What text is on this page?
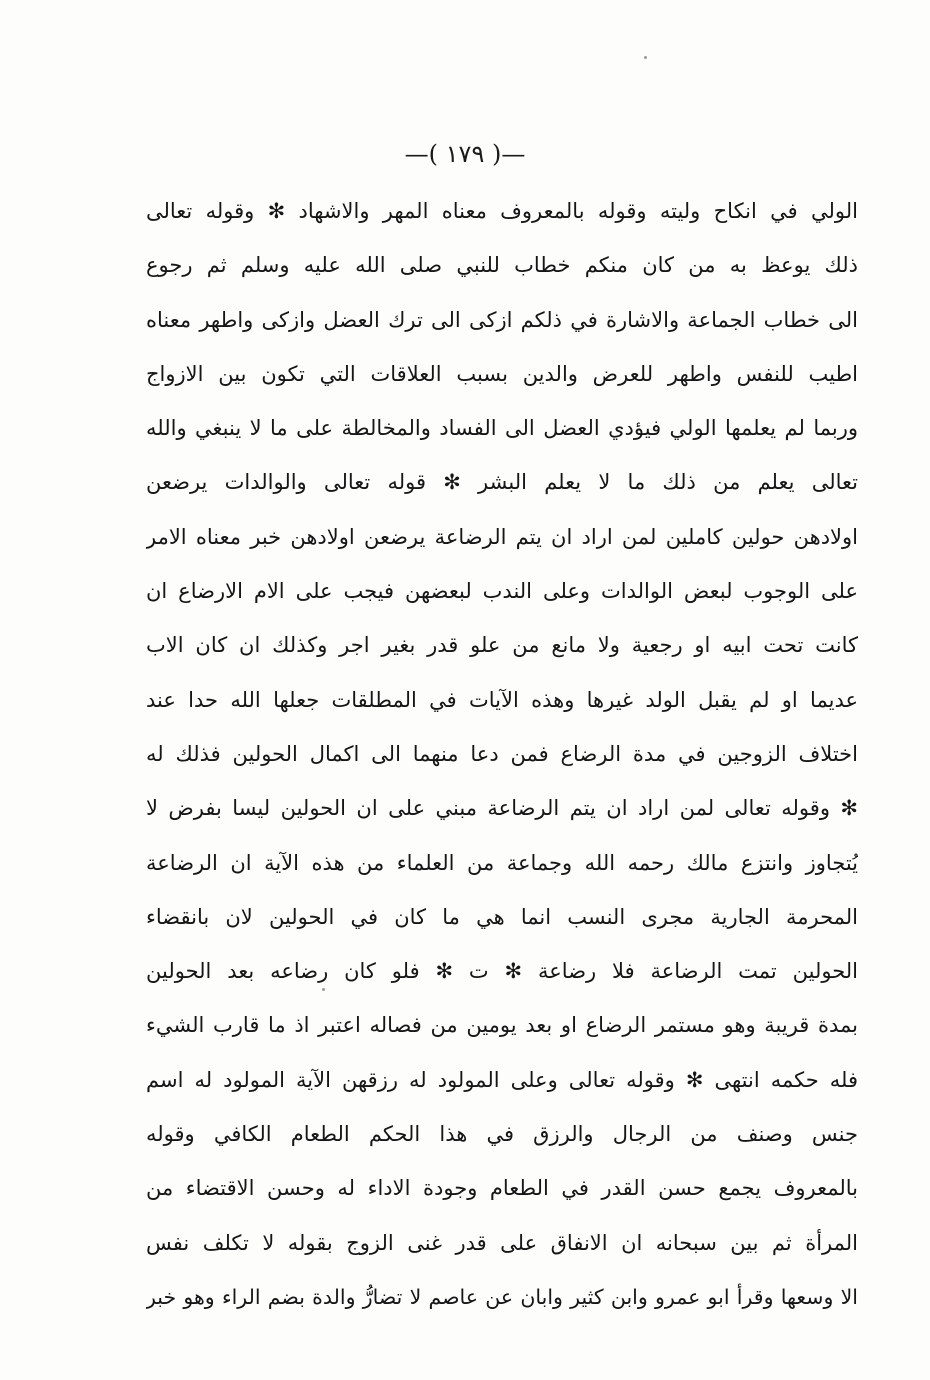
—( ١٧٩ )—
الولي في انكاح وليته وقوله بالمعروف معناه المهر والاشهاد ✻ وقوله تعالى
ذلك يوعظ به من كان منكم خطاب للنبي صلى الله عليه وسلم ثم رجوع
الى خطاب الجماعة والاشارة في ذلكم ازكى الى ترك العضل وازكى واطهر معناه
اطيب للنفس واطهر للعرض والدين بسبب العلاقات التي تكون بين الازواج
وربما لم يعلمها الولي فيؤدي العضل الى الفساد والمخالطة على ما لا ينبغي والله
تعالى يعلم من ذلك ما لا يعلم البشر ✻ قوله تعالى والوالدات يرضعن
اولادهن حولين كاملين لمن اراد ان يتم الرضاعة يرضعن اولادهن خبر معناه الامر
على الوجوب لبعض الوالدات وعلى الندب لبعضهن فيجب على الام الارضاع ان
كانت تحت ابيه او رجعية ولا مانع من علو قدر بغير اجر وكذلك ان كان الاب
عديما او لم يقبل الولد غيرها وهذه الآيات في المطلقات جعلها الله حدا عند
اختلاف الزوجين في مدة الرضاع فمن دعا منهما الى اكمال الحولين فذلك له
✻ وقوله تعالى لمن اراد ان يتم الرضاعة مبني على ان الحولين ليسا بفرض لا
يُتجاوز وانتزع مالك رحمه الله وجماعة من العلماء من هذه الآية ان الرضاعة
المحرمة الجارية مجرى النسب انما هي ما كان في الحولين لان بانقضاء
الحولين تمت الرضاعة فلا رضاعة ✻ ت ✻ فلو كان رضاعه بعد الحولين
بمدة قريبة وهو مستمر الرضاع او بعد يومين من فصاله اعتبر اذ ما قارب الشيء
فله حكمه انتهى ✻ وقوله تعالى وعلى المولود له رزقهن الآية المولود له اسم
جنس وصنف من الرجال والرزق في هذا الحكم الطعام الكافي وقوله
بالمعروف يجمع حسن القدر في الطعام وجودة الاداء له وحسن الاقتضاء من
المرأة ثم بين سبحانه ان الانفاق على قدر غنى الزوج بقوله لا تكلف نفس
الا وسعها وقرأ ابو عمرو وابن كثير وابان عن عاصم لا تضارُّ والدة بضم الراء وهو خبر
